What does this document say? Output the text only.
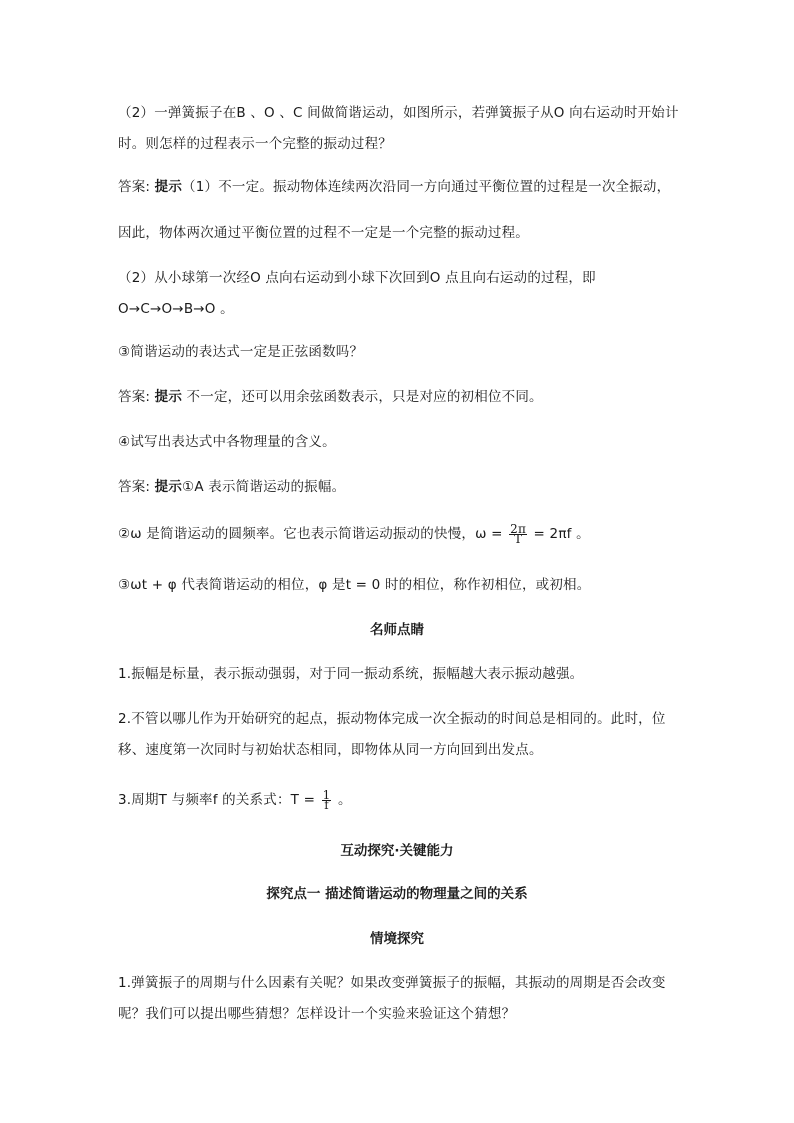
（2）一弹簧振子在B 、O 、C 间做简谐运动，如图所示，若弹簧振子从O 向右运动时开始计
时。则怎样的过程表示一个完整的振动过程？
答案: 提示（1）不一定。振动物体连续两次沿同一方向通过平衡位置的过程是一次全振动，
因此，物体两次通过平衡位置的过程不一定是一个完整的振动过程。
（2）从小球第一次经O 点向右运动到小球下次回到O 点且向右运动的过程，即
O→C→O→B→O 。
③简谐运动的表达式一定是正弦函数吗？
答案: 提示 不一定，还可以用余弦函数表示，只是对应的初相位不同。
④试写出表达式中各物理量的含义。
答案: 提示①A 表示简谐运动的振幅。
②ω 是简谐运动的圆频率。它也表示简谐运动振动的快慢，$\omega = \frac{2\pi}{T} = 2\pi f$ 。
③ωt + φ 代表简谐运动的相位，φ 是t = 0 时的相位，称作初相位，或初相。
名师点睛
1.振幅是标量，表示振动强弱，对于同一振动系统，振幅越大表示振动越强。
2.不管以哪儿作为开始研究的起点，振动物体完成一次全振动的时间总是相同的。此时，位
移、速度第一次同时与初始状态相同，即物体从同一方向回到出发点。
3.周期T 与频率f 的关系式：$T = \frac{1}{f}$ 。
互动探究·关键能力
探究点一 描述简谐运动的物理量之间的关系
情境探究
1.弹簧振子的周期与什么因素有关呢？如果改变弹簧振子的振幅，其振动的周期是否会改变
呢？我们可以提出哪些猜想？怎样设计一个实验来验证这个猜想？
